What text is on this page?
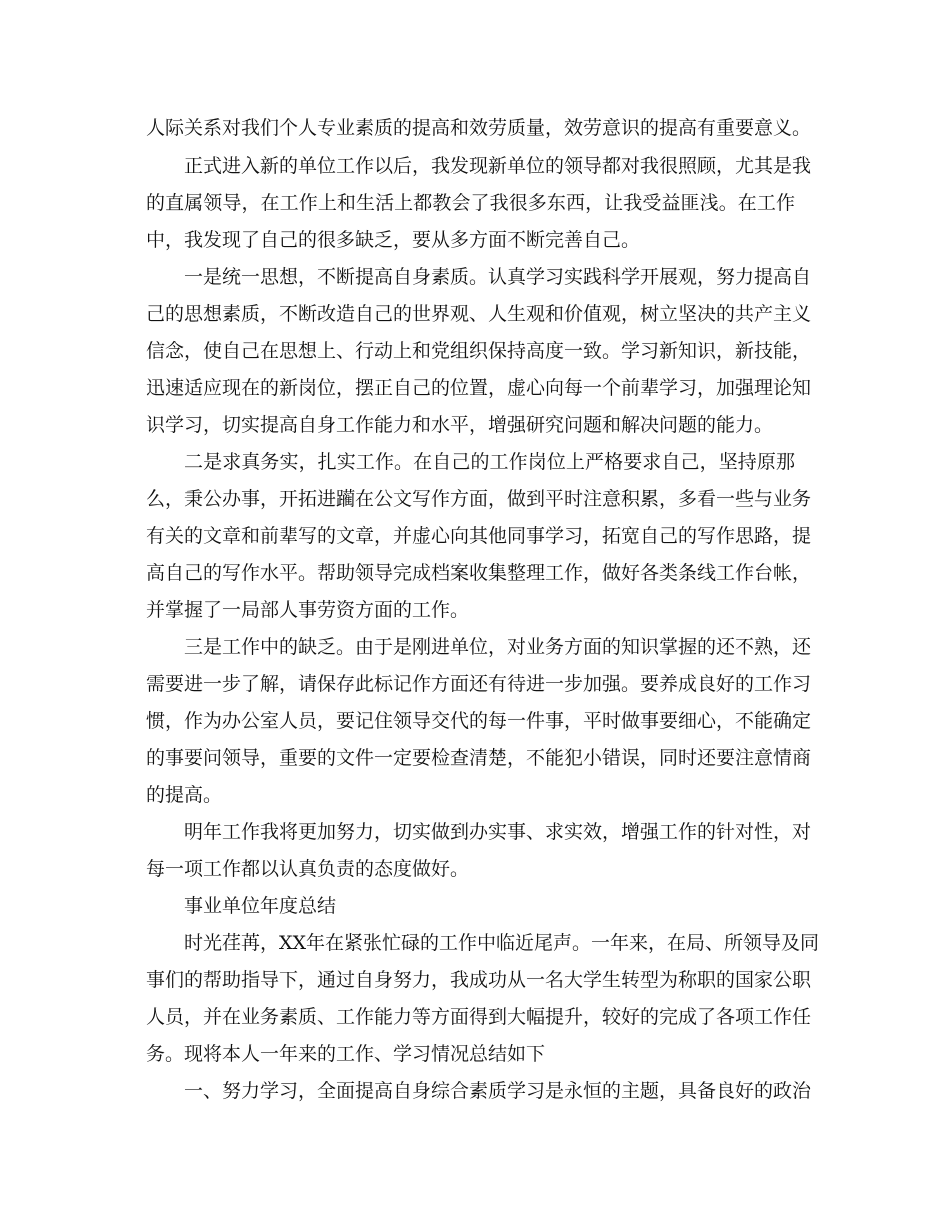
人际关系对我们个人专业素质的提高和效劳质量，效劳意识的提高有重要意义。
正式进入新的单位工作以后，我发现新单位的领导都对我很照顾，尤其是我
的直属领导，在工作上和生活上都教会了我很多东西，让我受益匪浅。在工作
中，我发现了自己的很多缺乏，要从多方面不断完善自己。
一是统一思想，不断提高自身素质。认真学习实践科学开展观，努力提高自
己的思想素质，不断改造自己的世界观、人生观和价值观，树立坚决的共产主义
信念，使自己在思想上、行动上和党组织保持高度一致。学习新知识，新技能，
迅速适应现在的新岗位，摆正自己的位置，虚心向每一个前辈学习，加强理论知
识学习，切实提高自身工作能力和水平，增强研究问题和解决问题的能力。
二是求真务实，扎实工作。在自己的工作岗位上严格要求自己，坚持原那
么，秉公办事，开拓进躏在公文写作方面，做到平时注意积累，多看一些与业务
有关的文章和前辈写的文章，并虚心向其他同事学习，拓宽自己的写作思路，提
高自己的写作水平。帮助领导完成档案收集整理工作，做好各类条线工作台帐，
并掌握了一局部人事劳资方面的工作。
三是工作中的缺乏。由于是刚进单位，对业务方面的知识掌握的还不熟，还
需要进一步了解，请保存此标记作方面还有待进一步加强。要养成良好的工作习
惯，作为办公室人员，要记住领导交代的每一件事，平时做事要细心，不能确定
的事要问领导，重要的文件一定要检查清楚，不能犯小错误，同时还要注意情商
的提高。
明年工作我将更加努力，切实做到办实事、求实效，增强工作的针对性，对
每一项工作都以认真负责的态度做好。
事业单位年度总结
时光荏苒，XX年在紧张忙碌的工作中临近尾声。一年来，在局、所领导及同
事们的帮助指导下，通过自身努力，我成功从一名大学生转型为称职的国家公职
人员，并在业务素质、工作能力等方面得到大幅提升，较好的完成了各项工作任
务。现将本人一年来的工作、学习情况总结如下
一、努力学习，全面提高自身综合素质学习是永恒的主题，具备良好的政治
